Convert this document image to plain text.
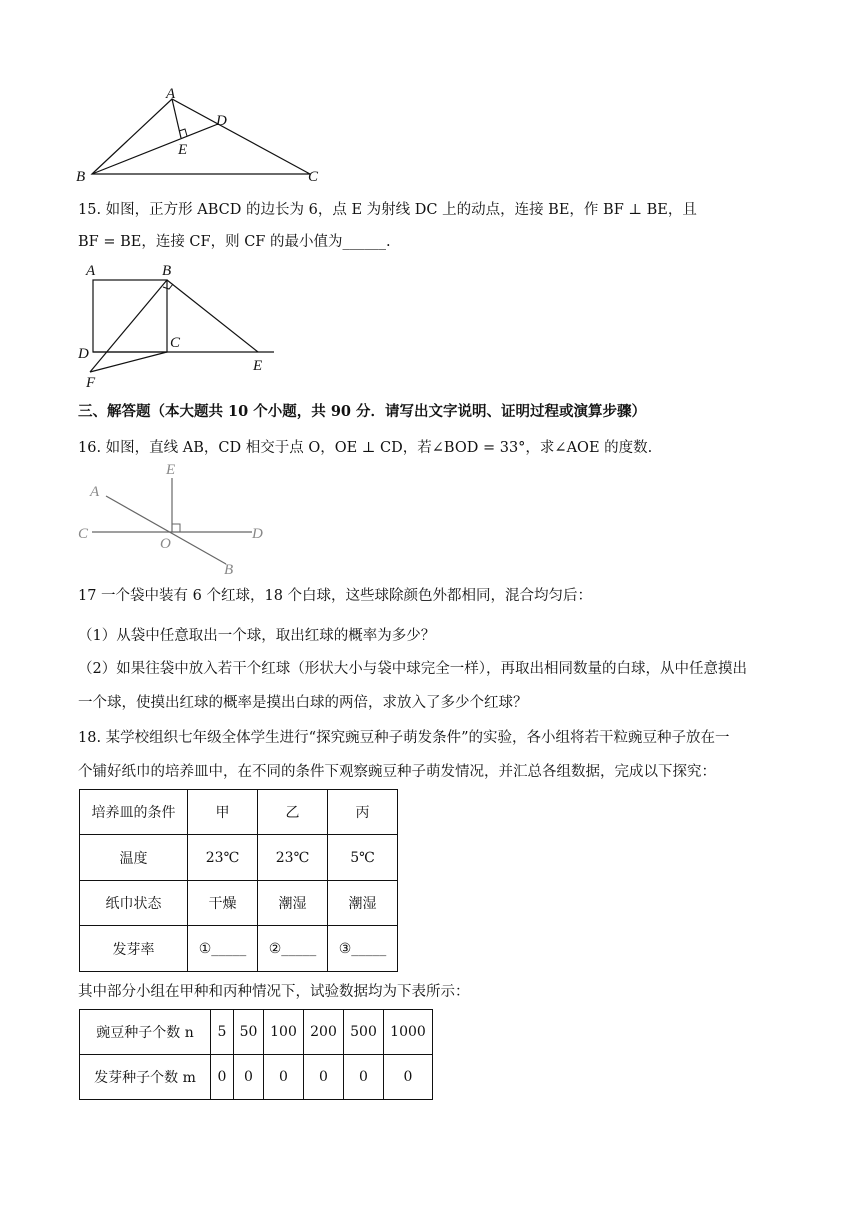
A
D
E
B	C
15. 如图，正方形 ABCD 的边长为 6，点 E 为射线 DC 上的动点，连接 BE，作 BF ⊥ BE，且
BF = BE，连接 CF，则 CF 的最小值为______.
A	B
C
D
E
F
三、解答题（本大题共 10 个小题，共 90 分．请写出文字说明、证明过程或演算步骤）
16. 如图，直线 AB，CD 相交于点 O，OE ⊥ CD，若∠BOD = 33°，求∠AOE 的度数.
E
A
C	D
O
B
17 一个袋中装有 6 个红球，18 个白球，这些球除颜色外都相同，混合均匀后：
（1）从袋中任意取出一个球，取出红球的概率为多少？
（2）如果往袋中放入若干个红球（形状大小与袋中球完全一样），再取出相同数量的白球，从中任意摸出
一个球，使摸出红球的概率是摸出白球的两倍，求放入了多少个红球？
18. 某学校组织七年级全体学生进行“探究豌豆种子萌发条件”的实验，各小组将若干粒豌豆种子放在一
个铺好纸巾的培养皿中，在不同的条件下观察豌豆种子萌发情况，并汇总各组数据，完成以下探究：
培养皿的条件	甲	乙	丙
温度	23℃	23℃	5℃
纸巾状态	干燥	潮湿	潮湿
发芽率	①_____	②_____	③_____
其中部分小组在甲种和丙种情况下，试验数据均为下表所示：
豌豆种子个数 n	5	50	100	200	500	1000
发芽种子个数 m	0	0	0	0	0	0
